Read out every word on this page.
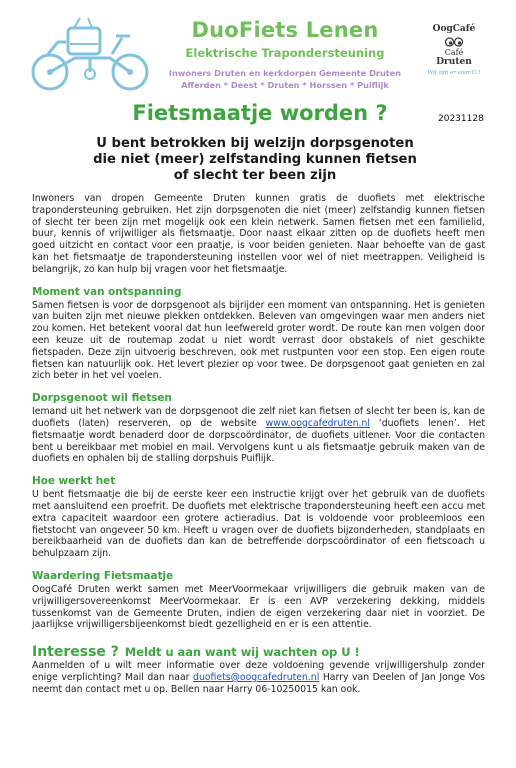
DuoFiets Lenen
Elektrische Trapondersteuning
Inwoners Druten en kerkdorpen Gemeente Druten
Afferden * Deest * Druten * Horssen * Puiflijk
OogCafé
Café
Druten
Wij zijn er voor U !
Fietsmaatje worden ?	20231128
U bent betrokken bij welzijn dorpsgenoten
die niet (meer) zelfstanding kunnen fietsen
of slecht ter been zijn

Inwoners van dropen Gemeente Druten kunnen gratis de duofiets met elektrische trapondersteuning gebruiken. Het zijn dorpsgenoten die niet (meer) zelfstandig kunnen fietsen of slecht ter been zijn met mogelijk ook een klein netwerk. Samen fietsen met een familielid, buur, kennis of vrijwilliger als fietsmaatje. Door naast elkaar zitten op de duofiets heeft men goed uitzicht en contact voor een praatje, is voor beiden genieten. Naar behoefte van de gast kan het fietsmaatje de trapondersteuning instellen voor wel of niet meetrappen. Veiligheid is belangrijk, zo kan hulp bij vragen voor het fietsmaatje.

Moment van ontspanning

Samen fietsen is voor de dorpsgenoot als bijrijder een moment van ontspanning. Het is genieten van buiten zijn met nieuwe plekken ontdekken. Beleven van omgevingen waar men anders niet zou komen. Het betekent vooral dat hun leefwereld groter wordt. De route kan men volgen door een keuze uit de routemap zodat u niet wordt verrast door obstakels of niet geschikte fietspaden. Deze zijn uitvoerig beschreven, ook met rustpunten voor een stop. Een eigen route fietsen kan natuurlijk ook. Het levert plezier op voor twee. De dorpsgenoot gaat genieten en zal zich beter in het vel voelen.

Dorpsgenoot wil fietsen

Iemand uit het netwerk van de dorpsgenoot die zelf niet kan fietsen of slecht ter been is, kan de duofiets (laten) reserveren, op de website www.oogcafedruten.nl ‘duofiets lenen’. Het fietsmaatje wordt benaderd door de dorpscoördinator, de duofiets uitlener. Voor die contacten bent u bereikbaar met mobiel en mail. Vervolgens kunt u als fietsmaatje gebruik maken van de duofiets en ophalen bij de stalling dorpshuis Puiflijk.

Hoe werkt het

U bent fietsmaatje die bij de eerste keer een instructie krijgt over het gebruik van de duofiets met aansluitend een proefrit. De duofiets met elektrische trapondersteuning heeft een accu met extra capaciteit waardoor een grotere actieradius. Dat is voldoende voor probleemloos een fietstocht van ongeveer 50 km. Heeft u vragen over de duofiets bijzonderheden, standplaats en bereikbaarheid van de duofiets dan kan de betreffende dorpscoördinator of een fietscoach u behulpzaam zijn.

Waardering Fietsmaatje

OogCafé Druten werkt samen met MeerVoormekaar vrijwilligers die gebruik maken van de vrijwilligersovereenkomst MeerVoormekaar. Er is een AVP verzekering dekking, middels tussenkomst van de Gemeente Druten, indien de eigen verzekering daar niet in voorziet. De jaarlijkse vrijwilligersbijeenkomst biedt gezelligheid en er is een attentie.

Interesse ? Meldt u aan want wij wachten op U !

Aanmelden of u wilt meer informatie over deze voldoening gevende vrijwilligershulp zonder enige verplichting? Mail dan naar duofiets@oogcafedruten.nl Harry van Deelen of Jan Jonge Vos neemt dan contact met u op. Bellen naar Harry 06-10250015 kan ook.
